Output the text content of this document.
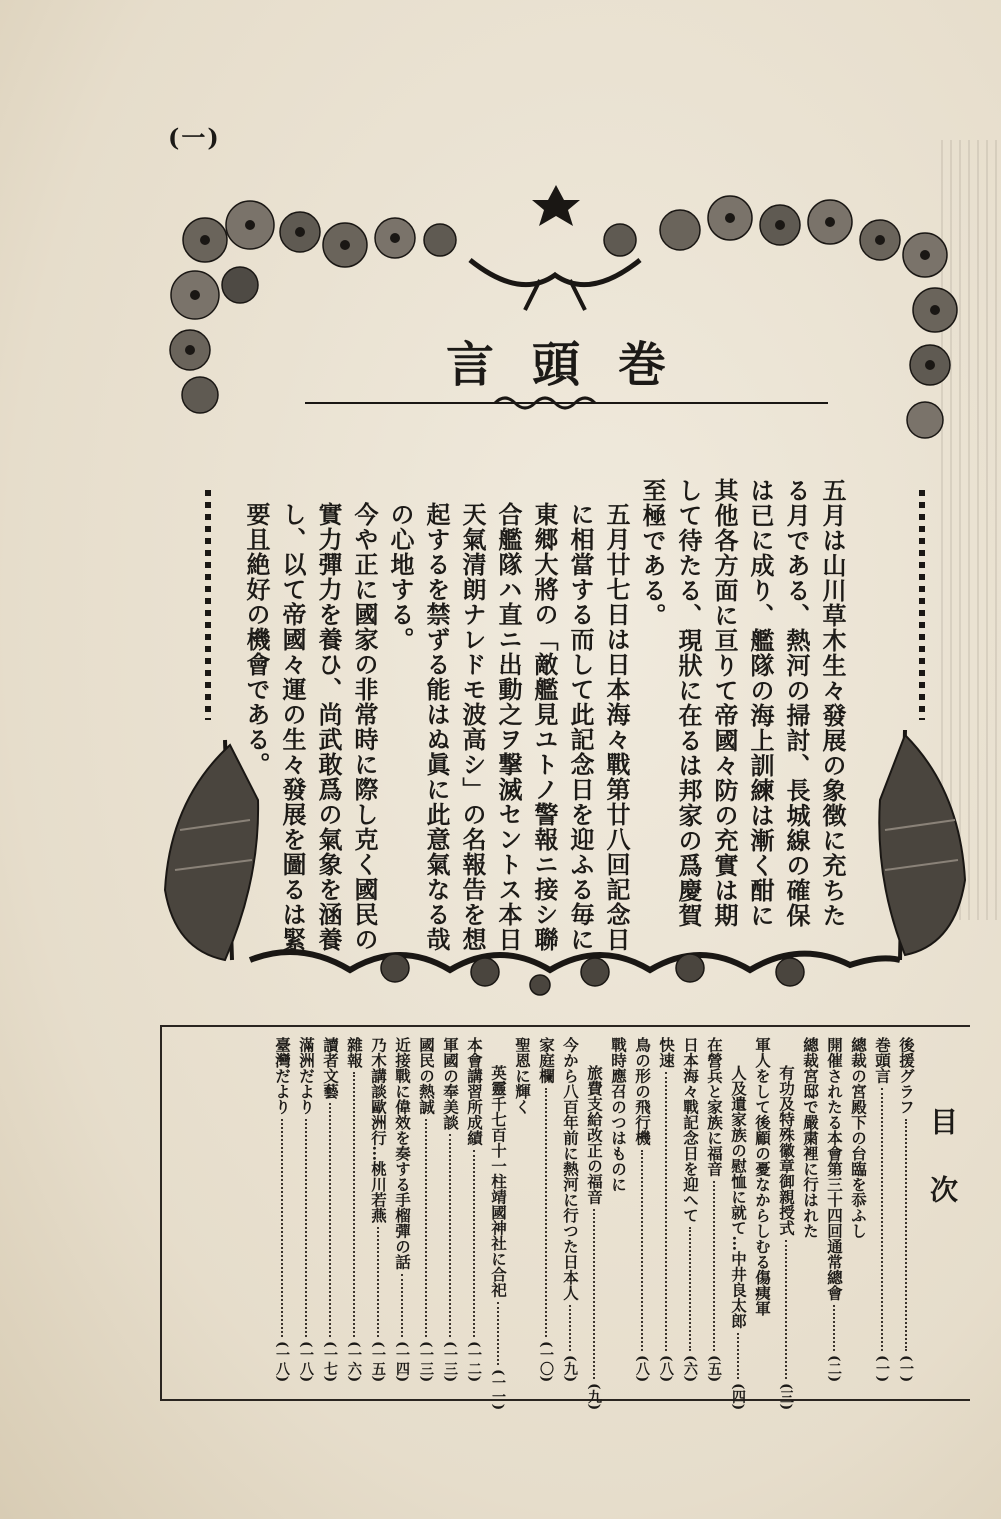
(一)
巻頭言
五月は山川草木生々發展の象徴に充ちたる月である、熱河の掃討、長城線の確保は已に成り、艦隊の海上訓練は漸く酣に其他各方面に亘りて帝國々防の充實は期して待たる、現狀に在るは邦家の爲慶賀至極である。
五月廿七日は日本海々戰第廿八回記念日に相當する而して此記念日を迎ふる毎に東郷大將の「敵艦見ユトノ警報ニ接シ聯合艦隊ハ直ニ出動之ヲ撃滅セントス本日天氣清朗ナレドモ波高シ」の名報告を想起するを禁ずる能はぬ眞に此意氣なる哉の心地する。
今や正に國家の非常時に際し克く國民の實力彈力を養ひ、尚武敢爲の氣象を涵養し、以て帝國々運の生々發展を圖るは緊要且絶好の機會である。
目次
後援グラフ
(一)
巻頭言
(一)
總裁の宮殿下の台臨を忝ふし
開催されたる本會第三十四回通常總會
(二)
總裁宮邸で嚴粛裡に行はれた
有功及特殊徽章御親授式
(三)
軍人をして後顧の憂なからしむる傷痍軍
人及遺家族の慰恤に就て…中井良太郎
(四)
在營兵と家族に福音
(五)
日本海々戰記念日を迎へて
(六)
快速
(八)
鳥の形の飛行機
(八)
戰時應召のつはものに
旅費支給改正の福音
(九)
今から八百年前に熱河に行つた日本人
(九)
家庭欄
(一〇)
聖恩に輝く
英靈千七百十一柱靖國神社に合祀
(一一)
本會講習所成績
(一二)
軍國の奉美談
(一三)
國民の熱誠
(一三)
近接戰に偉效を奏する手榴彈の話
(一四)
乃木講談歐洲行…桃川若燕
(一五)
雜報
(一六)
讀者文藝
(一七)
滿洲だより
(一八)
臺灣だより
(一八)
